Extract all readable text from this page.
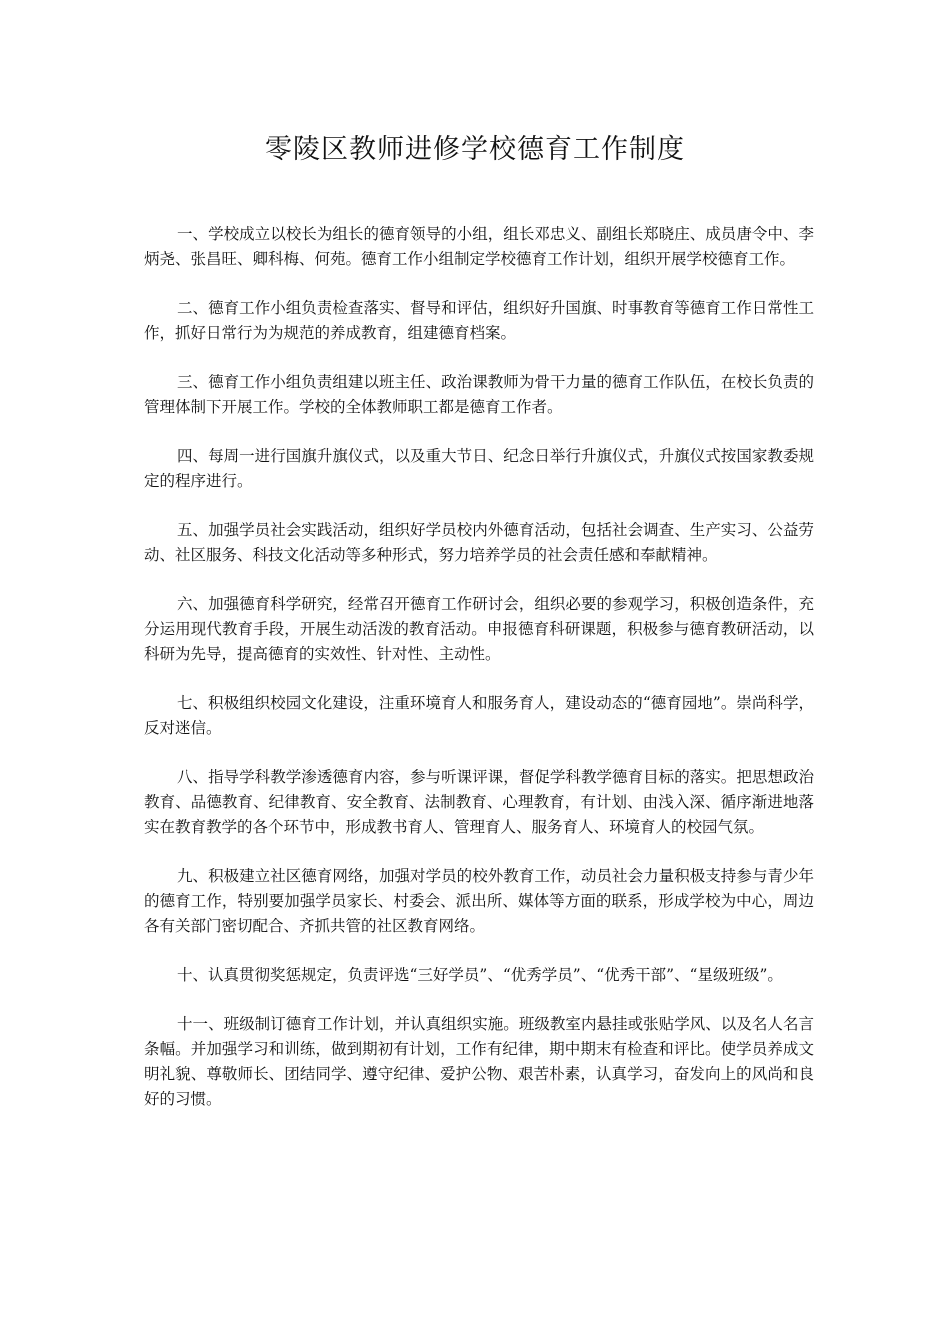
零陵区教师进修学校德育工作制度

一、学校成立以校长为组长的德育领导的小组，组长邓忠义、副组长郑晓庄、成员唐令中、李炳尧、张昌旺、卿科梅、何苑。德育工作小组制定学校德育工作计划，组织开展学校德育工作。

二、德育工作小组负责检查落实、督导和评估，组织好升国旗、时事教育等德育工作日常性工作，抓好日常行为为规范的养成教育，组建德育档案。

三、德育工作小组负责组建以班主任、政治课教师为骨干力量的德育工作队伍，在校长负责的管理体制下开展工作。学校的全体教师职工都是德育工作者。

四、每周一进行国旗升旗仪式，以及重大节日、纪念日举行升旗仪式，升旗仪式按国家教委规定的程序进行。

五、加强学员社会实践活动，组织好学员校内外德育活动，包括社会调查、生产实习、公益劳动、社区服务、科技文化活动等多种形式，努力培养学员的社会责任感和奉献精神。

六、加强德育科学研究，经常召开德育工作研讨会，组织必要的参观学习，积极创造条件，充分运用现代教育手段，开展生动活泼的教育活动。申报德育科研课题，积极参与德育教研活动，以科研为先导，提高德育的实效性、针对性、主动性。

七、积极组织校园文化建设，注重环境育人和服务育人，建设动态的“德育园地”。崇尚科学，反对迷信。

八、指导学科教学渗透德育内容，参与听课评课，督促学科教学德育目标的落实。把思想政治教育、品德教育、纪律教育、安全教育、法制教育、心理教育，有计划、由浅入深、循序渐进地落实在教育教学的各个环节中，形成教书育人、管理育人、服务育人、环境育人的校园气氛。

九、积极建立社区德育网络，加强对学员的校外教育工作，动员社会力量积极支持参与青少年的德育工作，特别要加强学员家长、村委会、派出所、媒体等方面的联系，形成学校为中心，周边各有关部门密切配合、齐抓共管的社区教育网络。

十、认真贯彻奖惩规定，负责评选“三好学员”、“优秀学员”、“优秀干部”、“星级班级”。

十一、班级制订德育工作计划，并认真组织实施。班级教室内悬挂或张贴学风、以及名人名言条幅。并加强学习和训练，做到期初有计划，工作有纪律，期中期末有检查和评比。使学员养成文明礼貌、尊敬师长、团结同学、遵守纪律、爱护公物、艰苦朴素，认真学习，奋发向上的风尚和良好的习惯。
